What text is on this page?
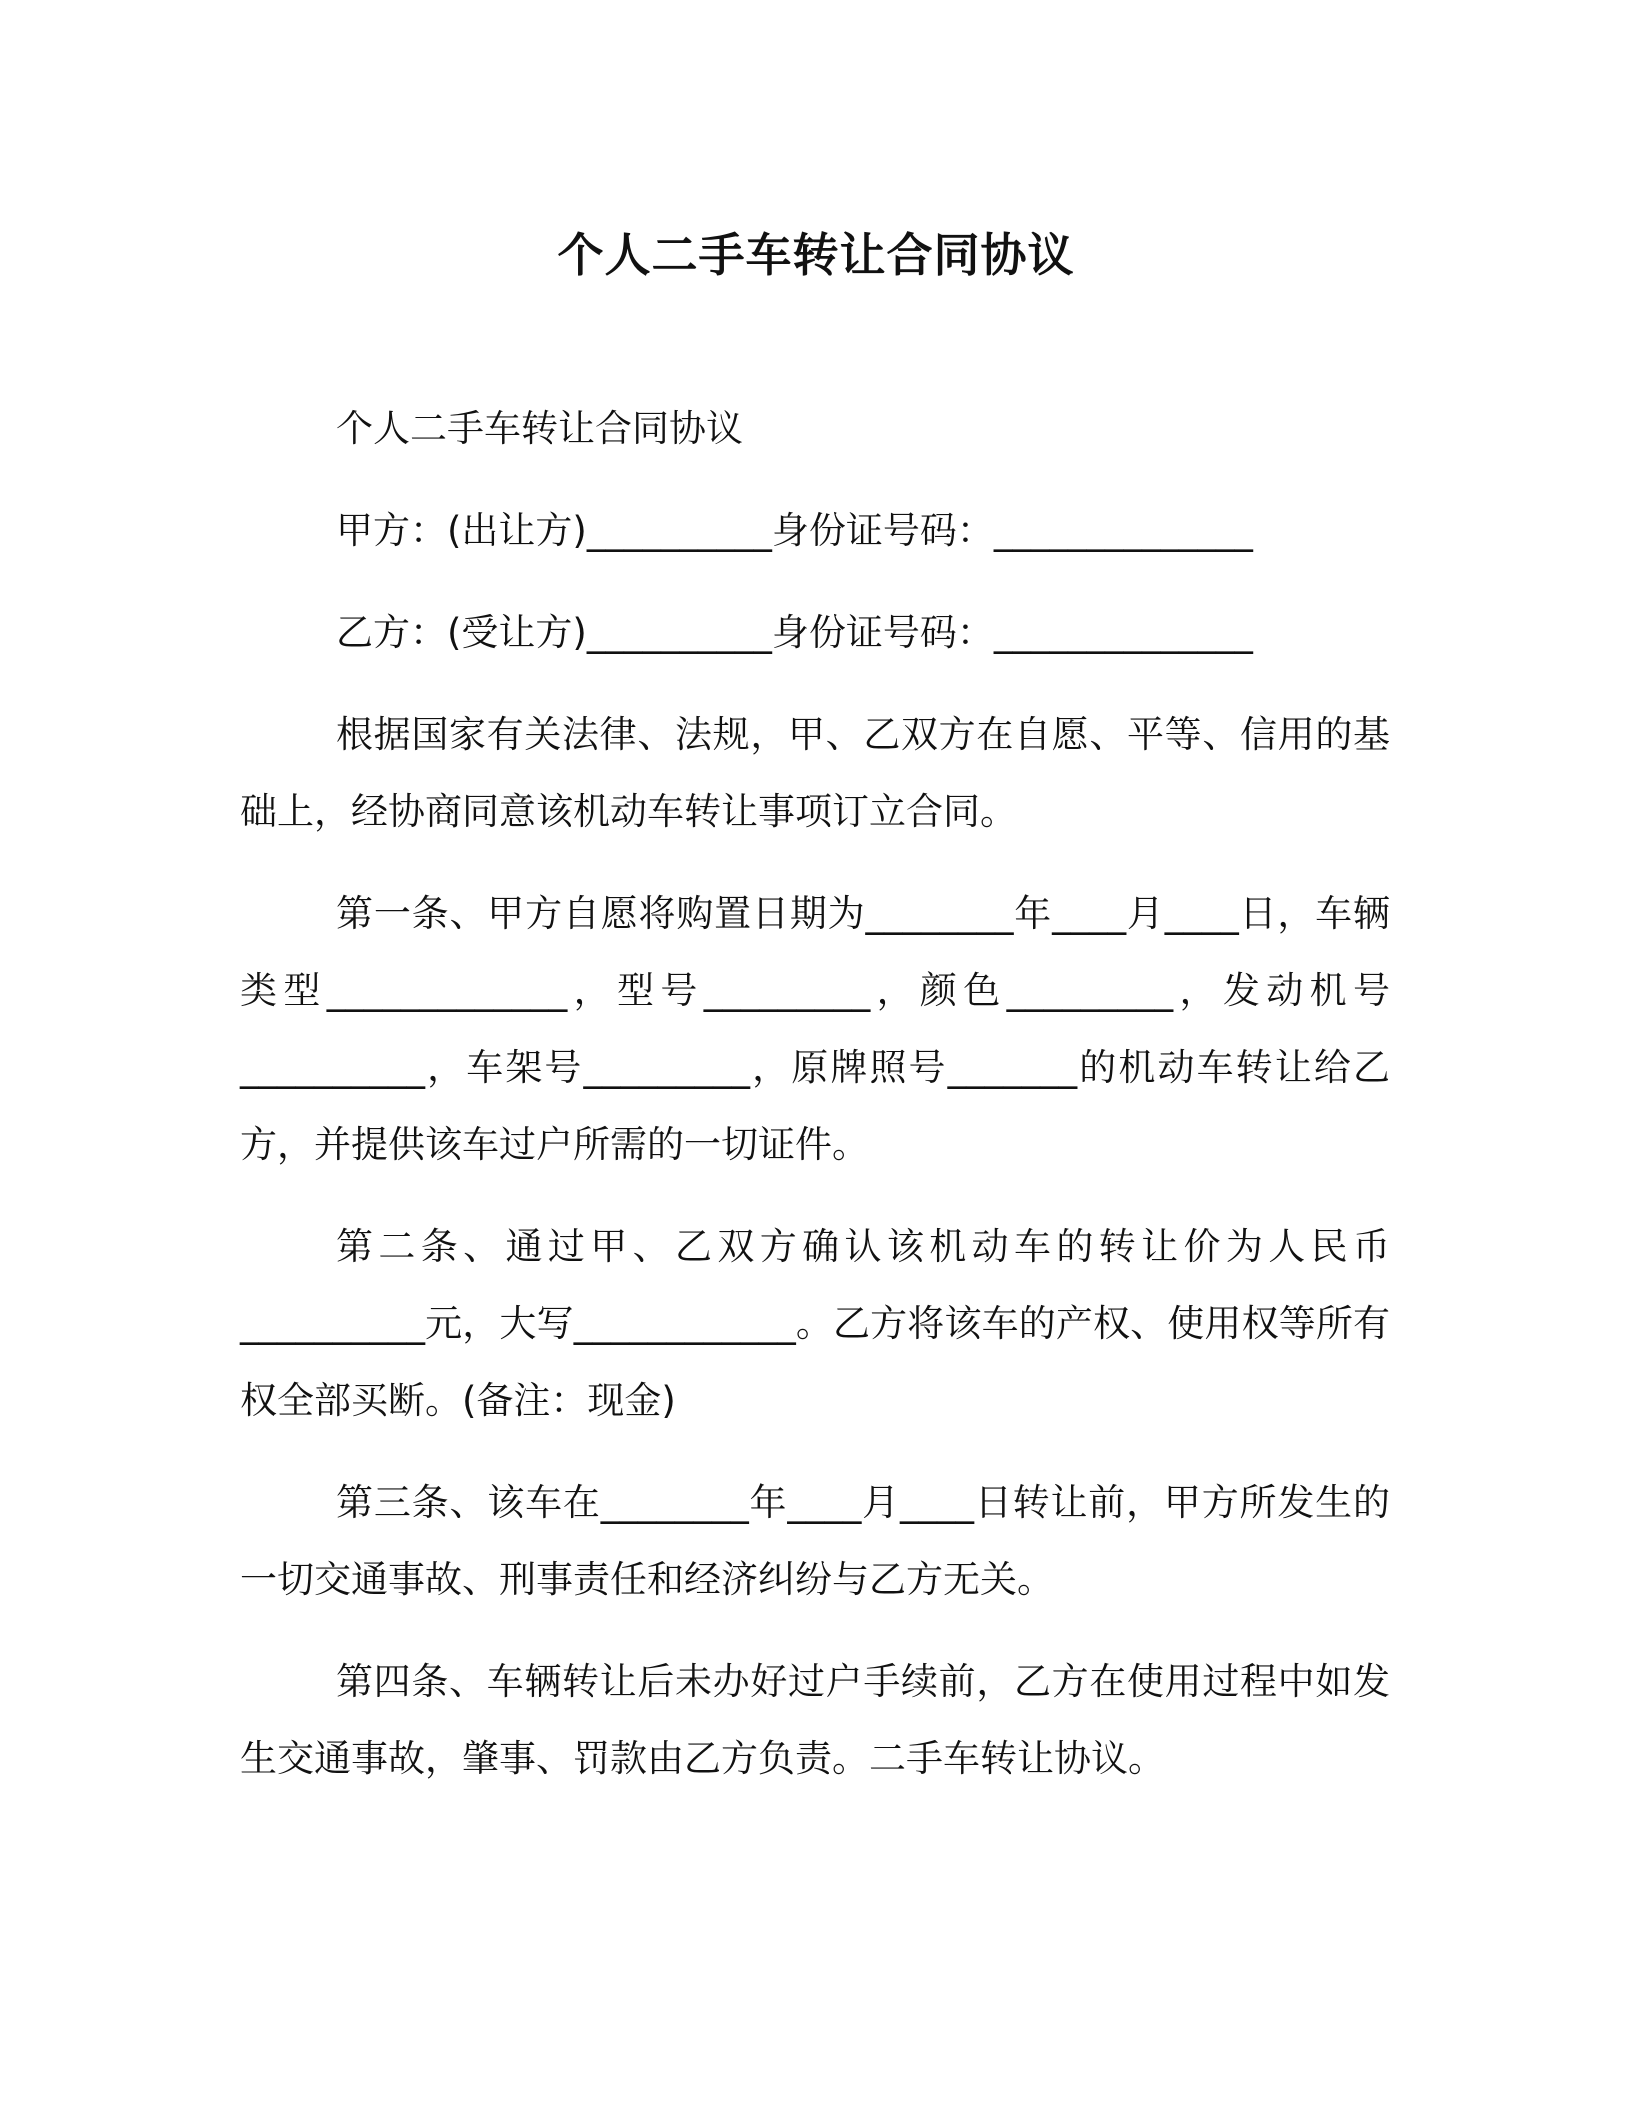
个人二手车转让合同协议

个人二手车转让合同协议

甲方：(出让方)__________身份证号码：______________

乙方：(受让方)__________身份证号码：______________

根据国家有关法律、法规，甲、乙双方在自愿、平等、信用的基础上，经协商同意该机动车转让事项订立合同。

第一条、甲方自愿将购置日期为________年____月____日，车辆类型_____________，型号_________，颜色_________，发动机号__________，车架号_________，原牌照号_______的机动车转让给乙方，并提供该车过户所需的一切证件。

第二条、通过甲、乙双方确认该机动车的转让价为人民币__________元，大写____________。乙方将该车的产权、使用权等所有权全部买断。(备注：现金)

第三条、该车在________年____月____日转让前，甲方所发生的一切交通事故、刑事责任和经济纠纷与乙方无关。

第四条、车辆转让后未办好过户手续前，乙方在使用过程中如发生交通事故，肇事、罚款由乙方负责。二手车转让协议。
